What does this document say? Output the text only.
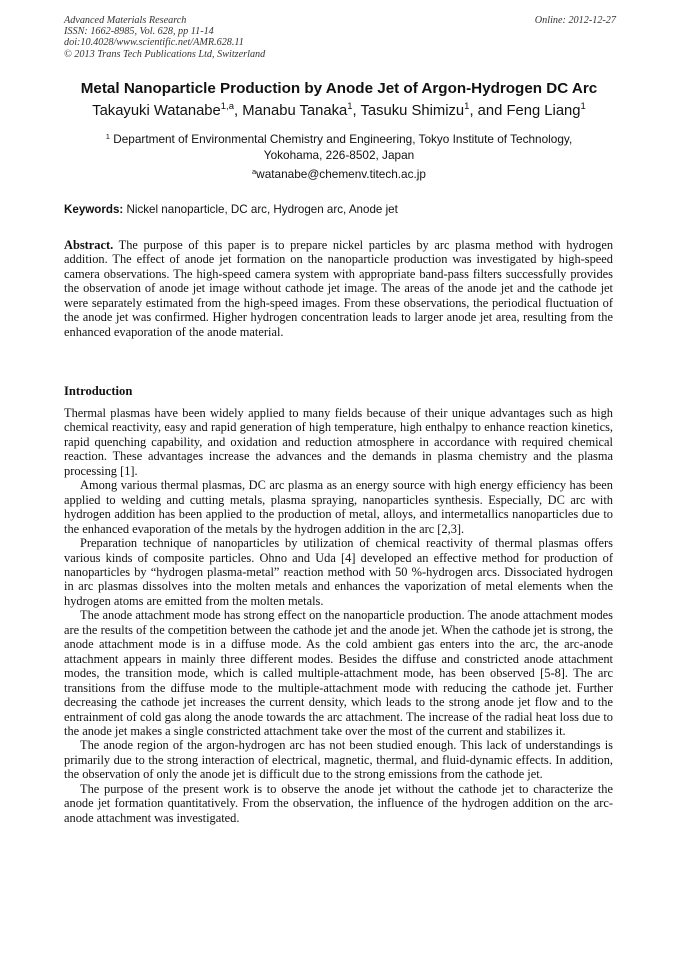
Advanced Materials Research
ISSN: 1662-8985, Vol. 628, pp 11-14
doi:10.4028/www.scientific.net/AMR.628.11
© 2013 Trans Tech Publications Ltd, Switzerland
Online: 2012-12-27
Metal Nanoparticle Production by Anode Jet of Argon-Hydrogen DC Arc
Takayuki Watanabe$^{1,a}$, Manabu Tanaka$^1$, Tasuku Shimizu$^1$, and Feng Liang$^1$
$^1$ Department of Environmental Chemistry and Engineering, Tokyo Institute of Technology,
Yokohama, 226-8502, Japan
$^a$watanabe@chemenv.titech.ac.jp
Keywords: Nickel nanoparticle, DC arc, Hydrogen arc, Anode jet
Abstract. The purpose of this paper is to prepare nickel particles by arc plasma method with hydrogen addition. The effect of anode jet formation on the nanoparticle production was investigated by high-speed camera observations. The high-speed camera system with appropriate band-pass filters successfully provides the observation of anode jet image without cathode jet image. The areas of the anode jet and the cathode jet were separately estimated from the high-speed images. From these observations, the periodical fluctuation of the anode jet was confirmed. Higher hydrogen concentration leads to larger anode jet area, resulting from the enhanced evaporation of the anode material.
Introduction

Thermal plasmas have been widely applied to many fields because of their unique advantages such as high chemical reactivity, easy and rapid generation of high temperature, high enthalpy to enhance reaction kinetics, rapid quenching capability, and oxidation and reduction atmosphere in accordance with required chemical reaction. These advantages increase the advances and the demands in plasma chemistry and the plasma processing [1].

Among various thermal plasmas, DC arc plasma as an energy source with high energy efficiency has been applied to welding and cutting metals, plasma spraying, nanoparticles synthesis. Especially, DC arc with hydrogen addition has been applied to the production of metal, alloys, and intermetallics nanoparticles due to the enhanced evaporation of the metals by the hydrogen addition in the arc [2,3].

Preparation technique of nanoparticles by utilization of chemical reactivity of thermal plasmas offers various kinds of composite particles. Ohno and Uda [4] developed an effective method for production of nanoparticles by “hydrogen plasma-metal” reaction method with 50 %-hydrogen arcs. Dissociated hydrogen in arc plasmas dissolves into the molten metals and enhances the vaporization of metal elements when the hydrogen atoms are emitted from the molten metals.

The anode attachment mode has strong effect on the nanoparticle production. The anode attachment modes are the results of the competition between the cathode jet and the anode jet. When the cathode jet is strong, the anode attachment mode is in a diffuse mode. As the cold ambient gas enters into the arc, the arc-anode attachment appears in mainly three different modes. Besides the diffuse and constricted anode attachment modes, the transition mode, which is called multiple-attachment mode, has been observed [5-8]. The arc transitions from the diffuse mode to the multiple-attachment mode with reducing the cathode jet. Further decreasing the cathode jet increases the current density, which leads to the strong anode jet flow and to the entrainment of cold gas along the anode towards the arc attachment. The increase of the radial heat loss due to the anode jet makes a single constricted attachment take over the most of the current and stabilizes it.

The anode region of the argon-hydrogen arc has not been studied enough. This lack of understandings is primarily due to the strong interaction of electrical, magnetic, thermal, and fluid-dynamic effects. In addition, the observation of only the anode jet is difficult due to the strong emissions from the cathode jet.

The purpose of the present work is to observe the anode jet without the cathode jet to characterize the anode jet formation quantitatively. From the observation, the influence of the hydrogen addition on the arc-anode attachment was investigated.
